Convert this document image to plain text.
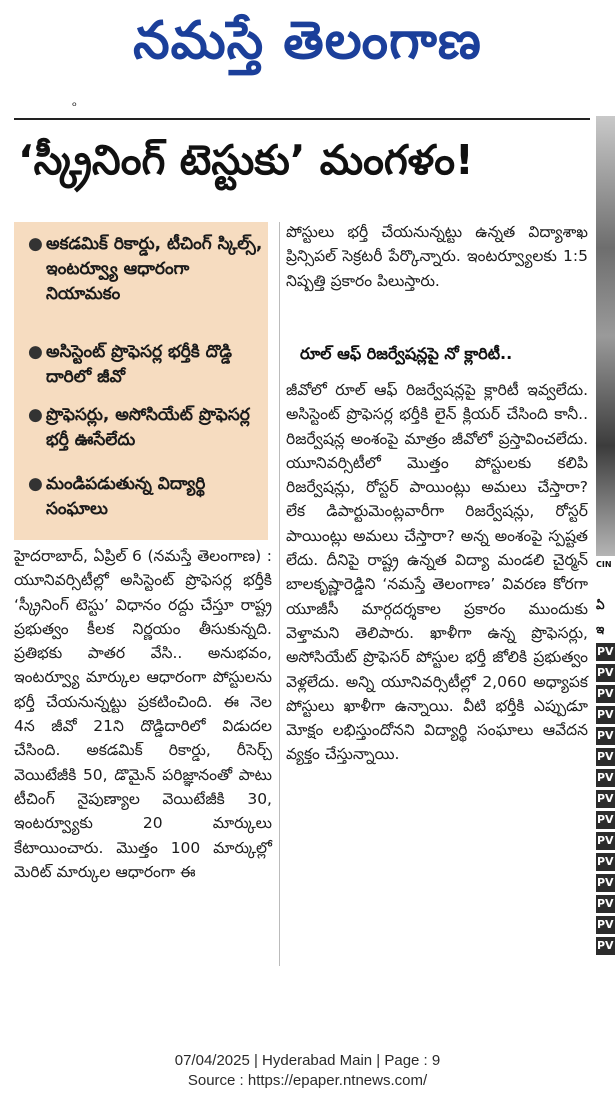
నమస్తే తెలంగాణ
ᵒ
‘స్క్రీనింగ్ టెస్టుకు’ మంగళం!
● అకడమిక్ రికార్డు, టీచింగ్ స్కిల్స్, ఇంటర్వ్యూ ఆధారంగా నియామకం
● అసిస్టెంట్ ప్రొఫెసర్ల భర్తీకి దొడ్డి దారిలో జీవో
● ప్రొఫెసర్లు, అసోసియేట్ ప్రొఫెసర్ల భర్తీ ఊసేలేదు
● మండిపడుతున్న విద్యార్థి సంఘాలు
హైదరాబాద్, ఏప్రిల్ 6 (నమస్తే తెలంగాణ) : యూనివర్సిటీల్లో అసిస్టెంట్ ప్రొఫెసర్ల భర్తీకి ‘స్క్రీనింగ్ టెస్టు’ విధానం రద్దు చేస్తూ రాష్ట్ర ప్రభుత్వం కీలక నిర్ణయం తీసుకున్నది. ప్రతిభకు పాతర వేసి.. అనుభవం, ఇంటర్వ్యూ మార్కుల ఆధారంగా పోస్టులను భర్తీ చేయనున్నట్టు ప్రకటించింది. ఈ నెల 4న జీవో 21ని దొడ్డిదారిలో విడుదల చేసింది. అకడమిక్ రికార్డు, రీసెర్చ్ వెయిటేజీకి 50, డొమైన్ పరిజ్ఞానంతో పాటు టీచింగ్ నైపుణ్యాల వెయిటేజీకి 30, ఇంటర్వ్యూకు 20 మార్కులు కేటాయించారు. మొత్తం 100 మార్కుల్లో మెరిట్ మార్కుల ఆధారంగా ఈ
పోస్టులు భర్తీ చేయనున్నట్టు ఉన్నత విద్యాశాఖ ప్రిన్సిపల్ సెక్రటరీ పేర్కొన్నారు. ఇంటర్వ్యూలకు 1:5 నిష్పత్తి ప్రకారం పిలుస్తారు.
రూల్ ఆఫ్ రిజర్వేషన్లపై నో క్లారిటీ..
జీవోలో రూల్ ఆఫ్ రిజర్వేషన్లపై క్లారిటీ ఇవ్వలేదు. అసిస్టెంట్ ప్రొఫెసర్ల భర్తీకి లైన్ క్లియర్ చేసింది కానీ.. రిజర్వేషన్ల అంశంపై మాత్రం జీవోలో ప్రస్తావించలేదు. యూనివర్సిటీలో మొత్తం పోస్టులకు కలిపి రిజర్వేషన్లు, రోస్టర్ పాయింట్లు అమలు చేస్తారా? లేక డిపార్టుమెంట్లవారీగా రిజర్వేషన్లు, రోస్టర్ పాయింట్లు అమలు చేస్తారా? అన్న అంశంపై స్పష్టత లేదు. దీనిపై రాష్ట్ర ఉన్నత విద్యా మండలి చైర్మన్ బాలకృష్ణారెడ్డిని ‘నమస్తే తెలంగాణ’ వివరణ కోరగా యూజీసీ మార్గదర్శకాల ప్రకారం ముందుకు వెళ్తామని తెలిపారు. ఖాళీగా ఉన్న ప్రొఫెసర్లు, అసోసియేట్ ప్రొఫెసర్ పోస్టుల భర్తీ జోలికి ప్రభుత్వం వెళ్లలేదు. అన్ని యూనివర్సిటీల్లో 2,060 అధ్యాపక పోస్టులు ఖాళీగా ఉన్నాయి. వీటి భర్తీకి ఎప్పుడూ మోక్షం లభిస్తుందోనని విద్యార్థి సంఘాలు ఆవేదన వ్యక్తం చేస్తున్నాయి.
CIN
ఏ
ఇ
PV
PV
PV
PV
PV
PV
PV
PV
PV
PV
PV
PV
PV
PV
PV
07/04/2025 | Hyderabad Main | Page : 9
Source : https://epaper.ntnews.com/
